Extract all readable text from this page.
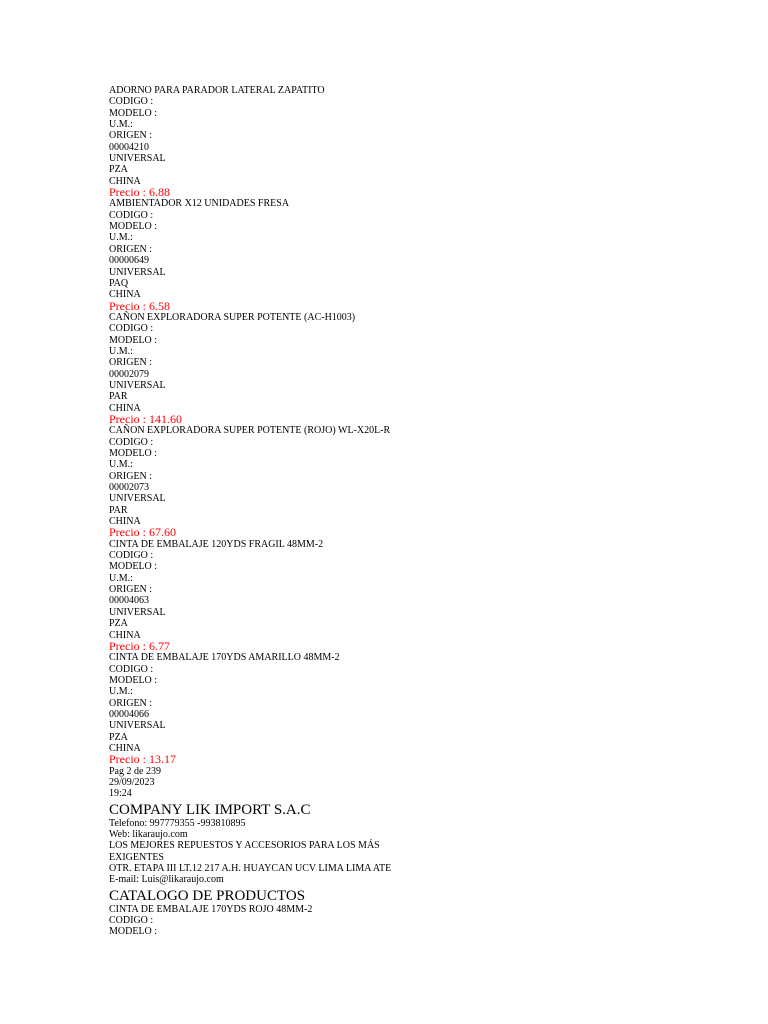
ADORNO PARA PARADOR LATERAL ZAPATITO
CODIGO :
MODELO :
U.M.:
ORIGEN :
00004210
UNIVERSAL
PZA
CHINA
Precio : 6.88
AMBIENTADOR X12 UNIDADES FRESA
CODIGO :
MODELO :
U.M.:
ORIGEN :
00000649
UNIVERSAL
PAQ
CHINA
Precio : 6.58
CAÑON EXPLORADORA SUPER POTENTE (AC-H1003)
CODIGO :
MODELO :
U.M.:
ORIGEN :
00002079
UNIVERSAL
PAR
CHINA
Precio : 141.60
CAÑON EXPLORADORA SUPER POTENTE (ROJO) WL-X20L-R
CODIGO :
MODELO :
U.M.:
ORIGEN :
00002073
UNIVERSAL
PAR
CHINA
Precio : 67.60
CINTA DE EMBALAJE 120YDS FRAGIL 48MM-2
CODIGO :
MODELO :
U.M.:
ORIGEN :
00004063
UNIVERSAL
PZA
CHINA
Precio : 6.77
CINTA DE EMBALAJE 170YDS AMARILLO 48MM-2
CODIGO :
MODELO :
U.M.:
ORIGEN :
00004066
UNIVERSAL
PZA
CHINA
Precio : 13.17
Pag 2 de 239
29/09/2023
19:24
COMPANY LIK IMPORT S.A.C
Telefono: 997779355 -993810895
Web: likaraujo.com
LOS MEJORES REPUESTOS Y ACCESORIOS PARA LOS MÁS EXIGENTES
OTR. ETAPA III LT.12 217 A.H. HUAYCAN UCV LIMA LIMA ATE
E-mail: Luis@likaraujo.com
CATALOGO DE PRODUCTOS
CINTA DE EMBALAJE 170YDS ROJO 48MM-2
CODIGO :
MODELO :
